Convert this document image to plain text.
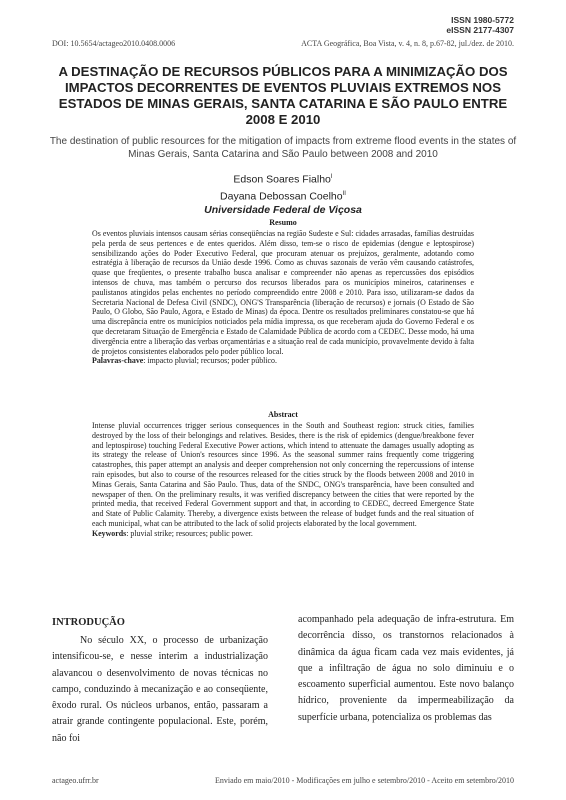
ISSN 1980-5772
eISSN 2177-4307
DOI: 10.5654/actageo2010.0408.0006	ACTA Geográfica, Boa Vista, v. 4, n. 8, p.67-82, jul./dez. de 2010.
A DESTINAÇÃO DE RECURSOS PÚBLICOS PARA A MINIMIZAÇÃO DOS IMPACTOS DECORRENTES DE EVENTOS PLUVIAIS EXTREMOS NOS ESTADOS DE MINAS GERAIS, SANTA CATARINA E SÃO PAULO ENTRE 2008 E 2010
The destination of public resources for the mitigation of impacts from extreme flood events in the states of Minas Gerais, Santa Catarina and São Paulo between 2008 and 2010
Edson Soares Fialho$^I$
Dayana Debossan Coelho$^{II}$
Universidade Federal de Viçosa
Resumo
Os eventos pluviais intensos causam sérias conseqüências na região Sudeste e Sul: cidades arrasadas, famílias destruídas pela perda de seus pertences e de entes queridos. Além disso, tem-se o risco de epidemias (dengue e leptospirose) sensibilizando ações do Poder Executivo Federal, que procuram atenuar os prejuízos, geralmente, adotando como estratégia à liberação de recursos da União desde 1996. Como as chuvas sazonais de verão vêm causando catástrofes, quase que freqüentes, o presente trabalho busca analisar e compreender não apenas as repercussões dos episódios intensos de chuva, mas também o percurso dos recursos liberados para os municípios mineiros, catarinenses e paulistanos atingidos pelas enchentes no período compreendido entre 2008 e 2010. Para isso, utilizaram-se dados da Secretaria Nacional de Defesa Civil (SNDC), ONG'S Transparência (liberação de recursos) e jornais (O Estado de São Paulo, O Globo, São Paulo, Agora, e Estado de Minas) da época. Dentre os resultados preliminares constatou-se que há uma discrepância entre os municípios noticiados pela mídia impressa, os que receberam ajuda do Governo Federal e os que decretaram Situação de Emergência e Estado de Calamidade Pública de acordo com a CEDEC. Desse modo, há uma divergência entre a liberação das verbas orçamentárias e a situação real de cada município, provavelmente devido à falta de projetos consistentes elaborados pelo poder público local.
Palavras-chave: impacto pluvial; recursos; poder público.
Abstract
Intense pluvial occurrences trigger serious consequences in the South and Southeast region: struck cities, families destroyed by the loss of their belongings and relatives. Besides, there is the risk of epidemics (dengue/breakbone fever and leptospirose) touching Federal Executive Power actions, which intend to attenuate the damages usually adopting as its strategy the release of Union's resources since 1996. As the seasonal summer rains frequently come triggering catastrophes, this paper attempt an analysis and deeper comprehension not only concerning the repercussions of intense rain episodes, but also to course of the resources released for the cities struck by the floods between 2008 and 2010 in Minas Gerais, Santa Catarina and São Paulo. Thus, data of the SNDC, ONG's transparência, have been consulted and newspaper of then. On the preliminary results, it was verified discrepancy between the cities that were reported by the printed media, that received Federal Government support and that, in according to CEDEC, decreed Emergence State and State of Public Calamity. Thereby, a divergence exists between the release of budget funds and the real situation of each municipal, what can be attributed to the lack of solid projects elaborated by the local government.
Keywords: pluvial strike; resources; public power.
INTRODUÇÃO
No século XX, o processo de urbanização intensificou-se, e nesse interim a industrialização alavancou o desenvolvimento de novas técnicas no campo, conduzindo à mecanização e ao conseqüente, êxodo rural. Os núcleos urbanos, então, passaram a atrair grande contingente populacional. Este, porém, não foi
acompanhado pela adequação de infra-estrutura. Em decorrência disso, os transtornos relacionados à dinâmica da água ficam cada vez mais evidentes, já que a infiltração de água no solo diminuiu e o escoamento superficial aumentou. Este novo balanço hídrico, proveniente da impermeabilização da superfície urbana, potencializa os problemas das
actageo.ufrr.br	Enviado em maio/2010 - Modificações em julho e setembro/2010 - Aceito em setembro/2010
